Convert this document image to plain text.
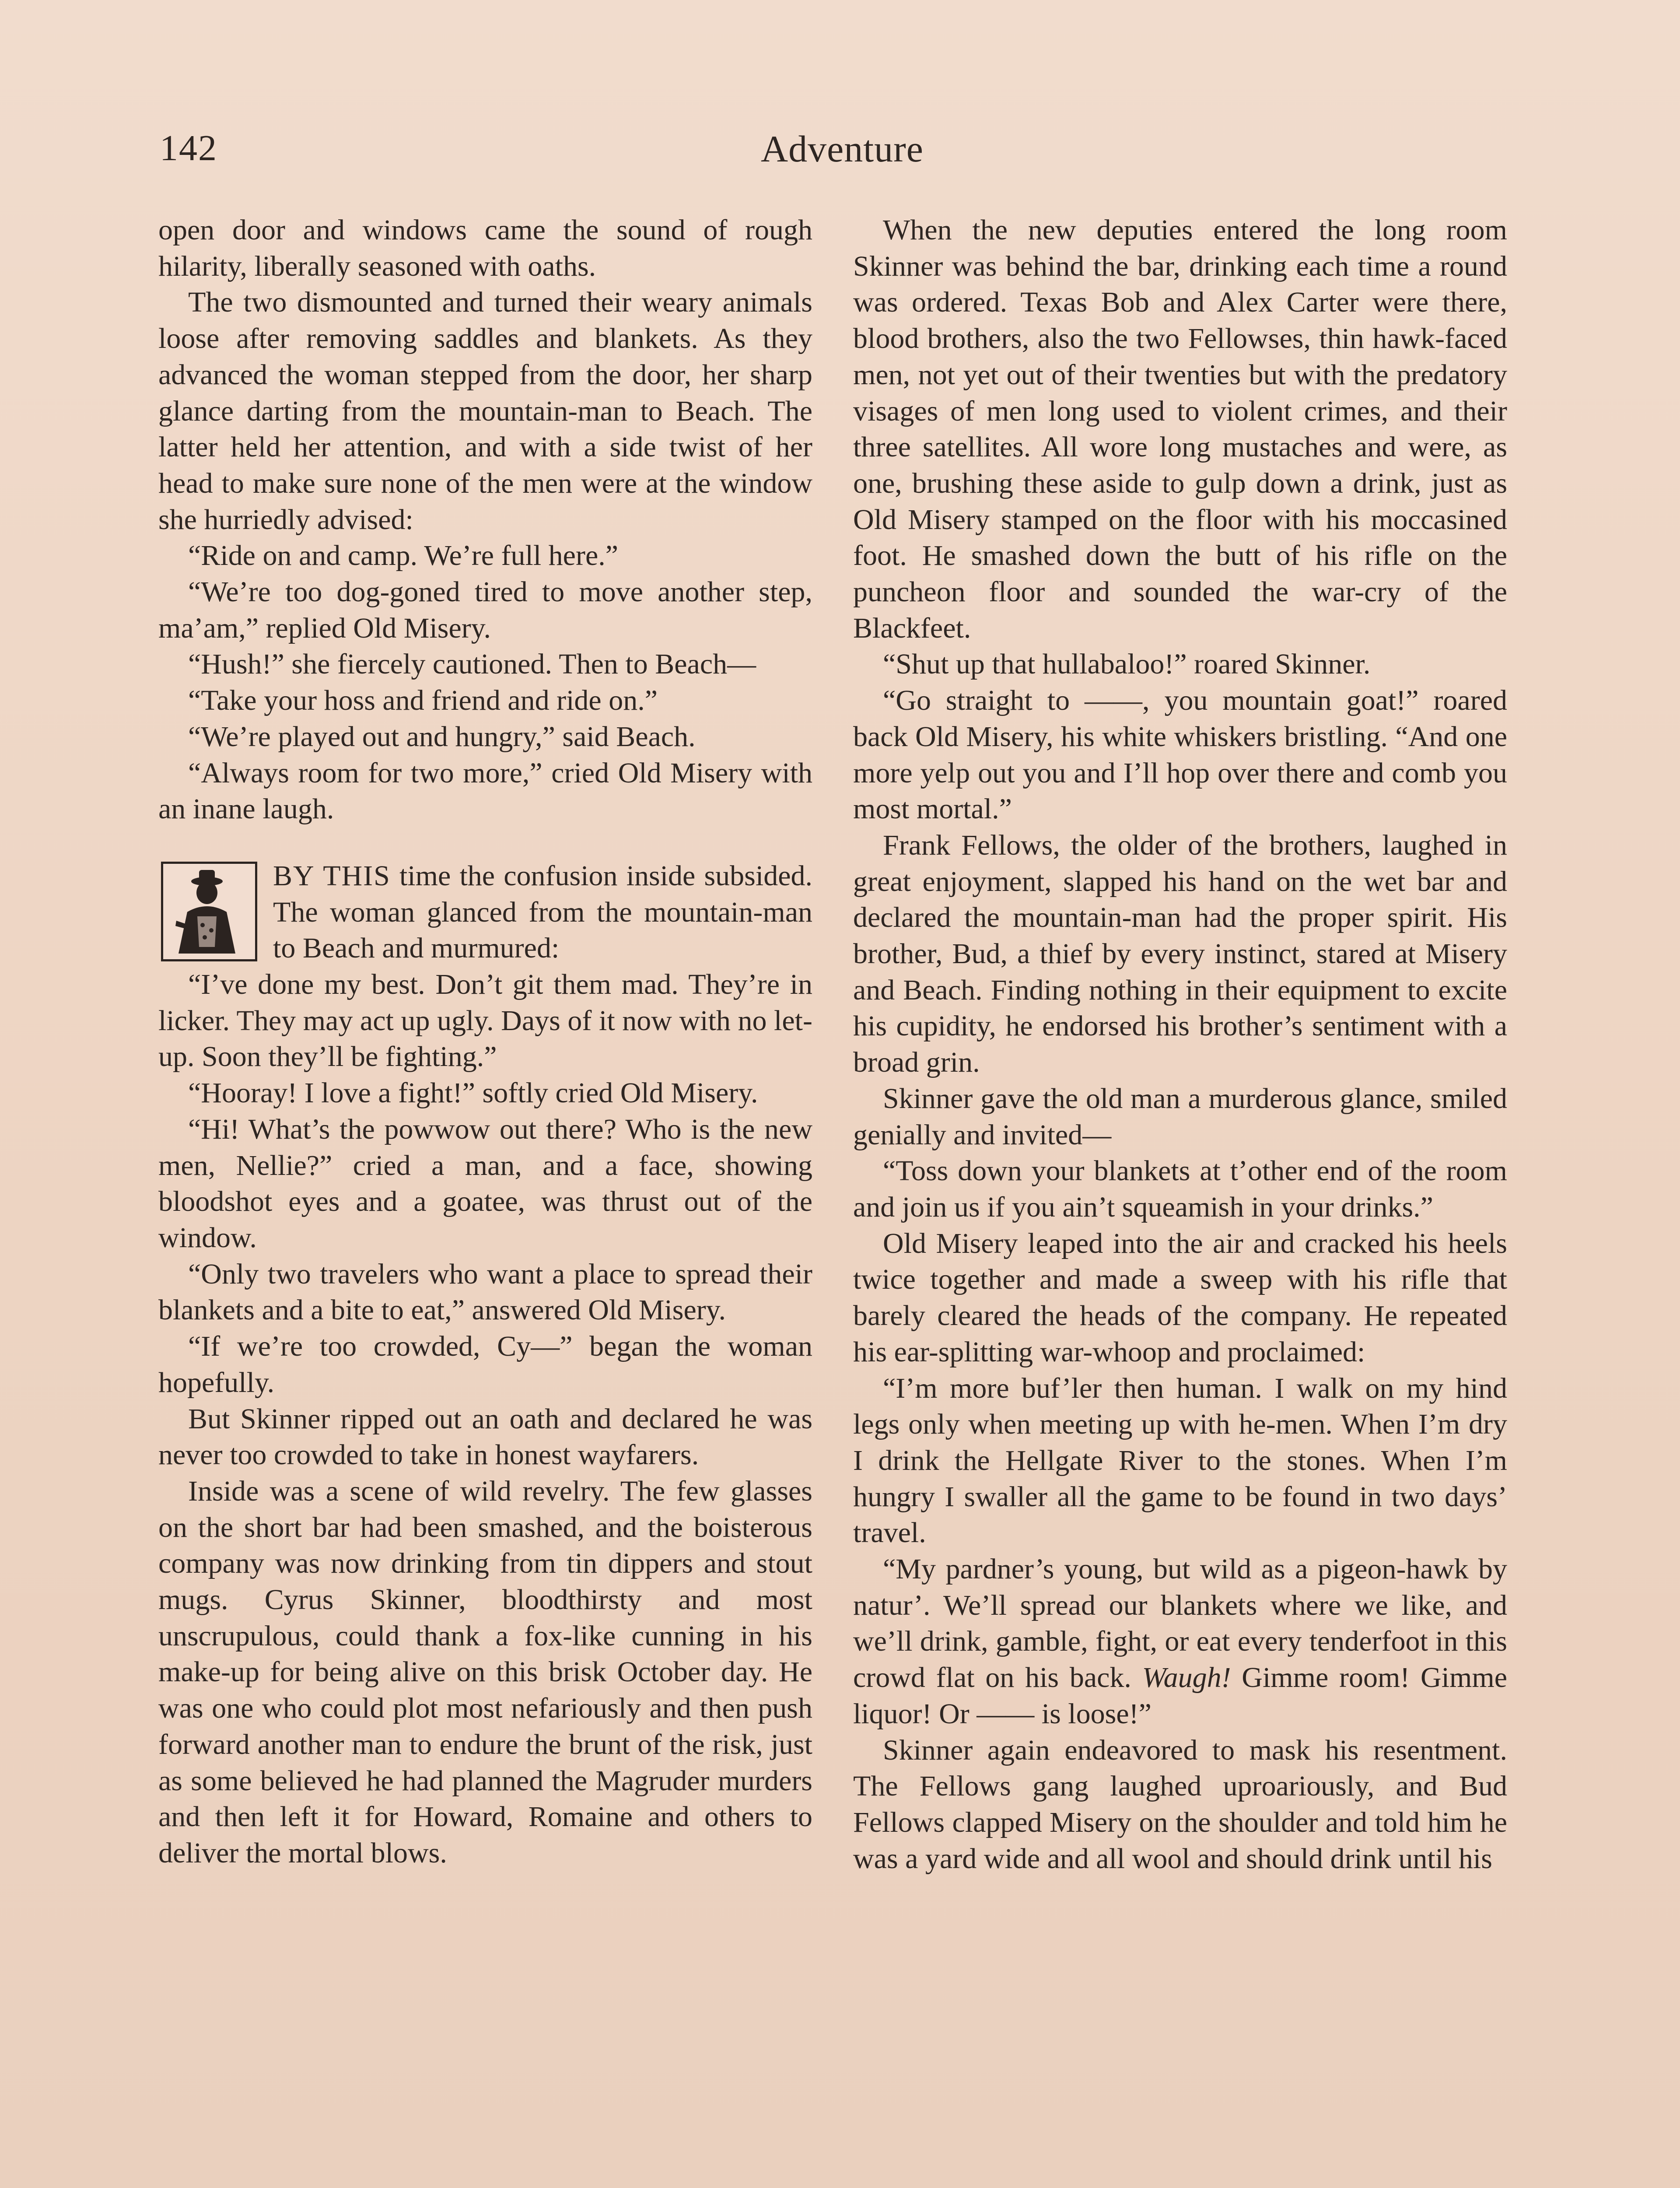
142	Adventure

open door and windows came the sound of rough hilarity, liberally seasoned with oaths.

The two dismounted and turned their weary animals loose after removing saddles and blankets. As they advanced the woman stepped from the door, her sharp glance darting from the mountain-man to Beach. The latter held her attention, and with a side twist of her head to make sure none of the men were at the window she hurriedly advised:

“Ride on and camp. We’re full here.”

“We’re too dog-goned tired to move another step, ma’am,” replied Old Misery.

“Hush!” she fiercely cautioned. Then to Beach—

“Take your hoss and friend and ride on.”

“We’re played out and hungry,” said Beach.

“Always room for two more,” cried Old Misery with an inane laugh.

BY THIS time the confusion inside subsided. The woman glanced from the mountain-man to Beach and murmured:

“I’ve done my best. Don’t git them mad. They’re in licker. They may act up ugly. Days of it now with no let-up. Soon they’ll be fighting.”

“Hooray! I love a fight!” softly cried Old Misery.

“Hi! What’s the powwow out there? Who is the new men, Nellie?” cried a man, and a face, showing bloodshot eyes and a goatee, was thrust out of the window.

“Only two travelers who want a place to spread their blankets and a bite to eat,” answered Old Misery.

“If we’re too crowded, Cy—” began the woman hopefully.

But Skinner ripped out an oath and declared he was never too crowded to take in honest wayfarers.

Inside was a scene of wild revelry. The few glasses on the short bar had been smashed, and the boisterous company was now drinking from tin dippers and stout mugs. Cyrus Skinner, bloodthirsty and most unscrupulous, could thank a fox-like cunning in his make-up for being alive on this brisk October day. He was one who could plot most nefariously and then push forward another man to endure the brunt of the risk, just as some believed he had planned the Magruder murders and then left it for Howard, Romaine and others to deliver the mortal blows.

When the new deputies entered the long room Skinner was behind the bar, drinking each time a round was ordered. Texas Bob and Alex Carter were there, blood brothers, also the two Fellowses, thin hawk-faced men, not yet out of their twenties but with the predatory visages of men long used to violent crimes, and their three satellites. All wore long mustaches and were, as one, brushing these aside to gulp down a drink, just as Old Misery stamped on the floor with his moccasined foot. He smashed down the butt of his rifle on the puncheon floor and sounded the war-cry of the Blackfeet.

“Shut up that hullabaloo!” roared Skinner.

“Go straight to ——, you mountain goat!” roared back Old Misery, his white whiskers bristling. “And one more yelp out you and I’ll hop over there and comb you most mortal.”

Frank Fellows, the older of the brothers, laughed in great enjoyment, slapped his hand on the wet bar and declared the mountain-man had the proper spirit. His brother, Bud, a thief by every instinct, stared at Misery and Beach. Finding nothing in their equipment to excite his cupidity, he endorsed his brother’s sentiment with a broad grin.

Skinner gave the old man a murderous glance, smiled genially and invited—

“Toss down your blankets at t’other end of the room and join us if you ain’t squeamish in your drinks.”

Old Misery leaped into the air and cracked his heels twice together and made a sweep with his rifle that barely cleared the heads of the company. He repeated his ear-splitting war-whoop and proclaimed:

“I’m more buf’ler then human. I walk on my hind legs only when meeting up with he-men. When I’m dry I drink the Hellgate River to the stones. When I’m hungry I swaller all the game to be found in two days’ travel.

“My pardner’s young, but wild as a pigeon-hawk by natur’. We’ll spread our blankets where we like, and we’ll drink, gamble, fight, or eat every tenderfoot in this crowd flat on his back. Waugh! Gimme room! Gimme liquor! Or —— is loose!”

Skinner again endeavored to mask his resentment. The Fellows gang laughed uproariously, and Bud Fellows clapped Misery on the shoulder and told him he was a yard wide and all wool and should drink until his
